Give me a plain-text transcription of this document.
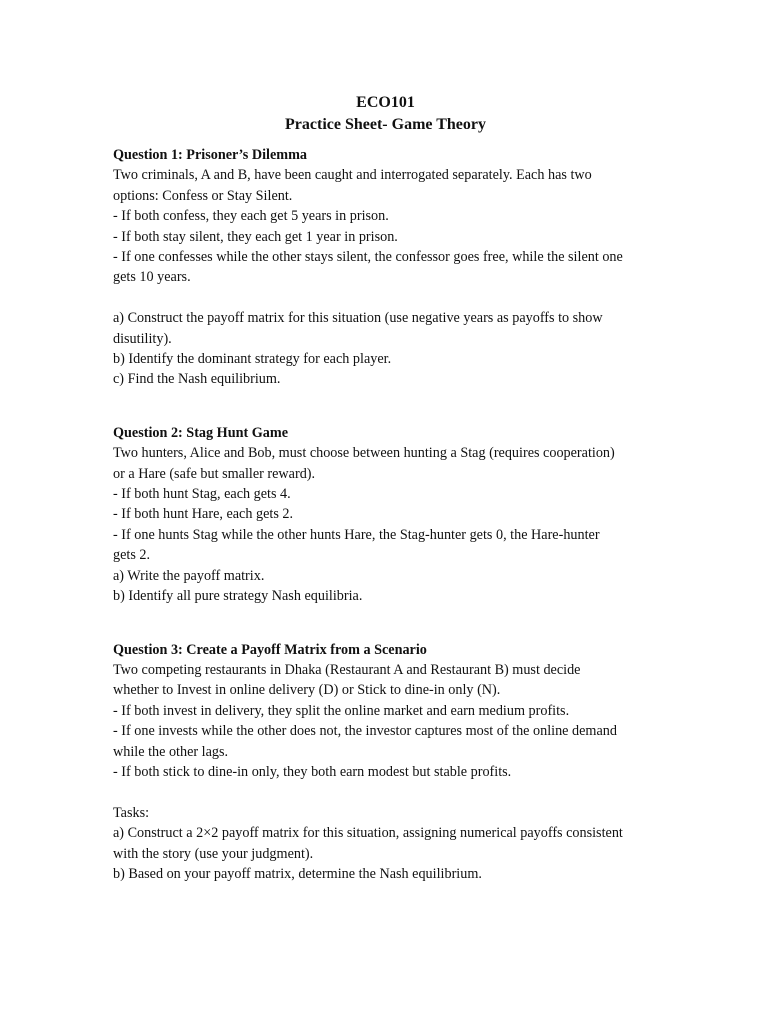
ECO101
Practice Sheet- Game Theory
Question 1: Prisoner’s Dilemma
Two criminals, A and B, have been caught and interrogated separately. Each has two
options: Confess or Stay Silent.
- If both confess, they each get 5 years in prison.
- If both stay silent, they each get 1 year in prison.
- If one confesses while the other stays silent, the confessor goes free, while the silent one
gets 10 years.
a) Construct the payoff matrix for this situation (use negative years as payoffs to show
disutility).
b) Identify the dominant strategy for each player.
c) Find the Nash equilibrium.
Question 2: Stag Hunt Game
Two hunters, Alice and Bob, must choose between hunting a Stag (requires cooperation)
or a Hare (safe but smaller reward).
- If both hunt Stag, each gets 4.
- If both hunt Hare, each gets 2.
- If one hunts Stag while the other hunts Hare, the Stag-hunter gets 0, the Hare-hunter
gets 2.
a) Write the payoff matrix.
b) Identify all pure strategy Nash equilibria.
Question 3: Create a Payoff Matrix from a Scenario
Two competing restaurants in Dhaka (Restaurant A and Restaurant B) must decide
whether to Invest in online delivery (D) or Stick to dine-in only (N).
- If both invest in delivery, they split the online market and earn medium profits.
- If one invests while the other does not, the investor captures most of the online demand
while the other lags.
- If both stick to dine-in only, they both earn modest but stable profits.
Tasks:
a) Construct a 2×2 payoff matrix for this situation, assigning numerical payoffs consistent
with the story (use your judgment).
b) Based on your payoff matrix, determine the Nash equilibrium.
